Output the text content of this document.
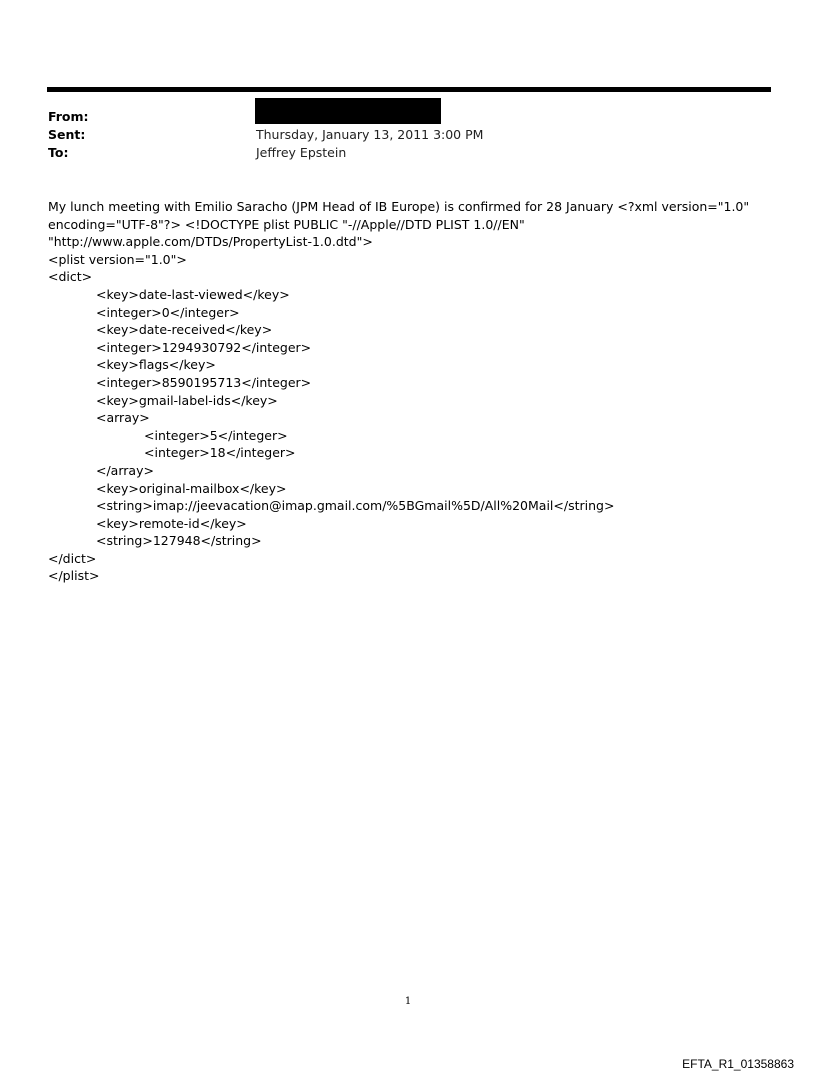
From:
Sent:	Thursday, January 13, 2011 3:00 PM
To:	Jeffrey Epstein
My lunch meeting with Emilio Saracho (JPM Head of IB Europe) is confirmed for 28 January <?xml version="1.0"
encoding="UTF-8"?> <!DOCTYPE plist PUBLIC "-//Apple//DTD PLIST 1.0//EN"
"http://www.apple.com/DTDs/PropertyList-1.0.dtd">
<plist version="1.0">
<dict>
<key>date-last-viewed</key>
<integer>0</integer>
<key>date-received</key>
<integer>1294930792</integer>
<key>flags</key>
<integer>8590195713</integer>
<key>gmail-label-ids</key>
<array>
<integer>5</integer>
<integer>18</integer>
</array>
<key>original-mailbox</key>
<string>imap://jeevacation@imap.gmail.com/%5BGmail%5D/All%20Mail</string>
<key>remote-id</key>
<string>127948</string>
</dict>
</plist>
1
EFTA_R1_01358863
